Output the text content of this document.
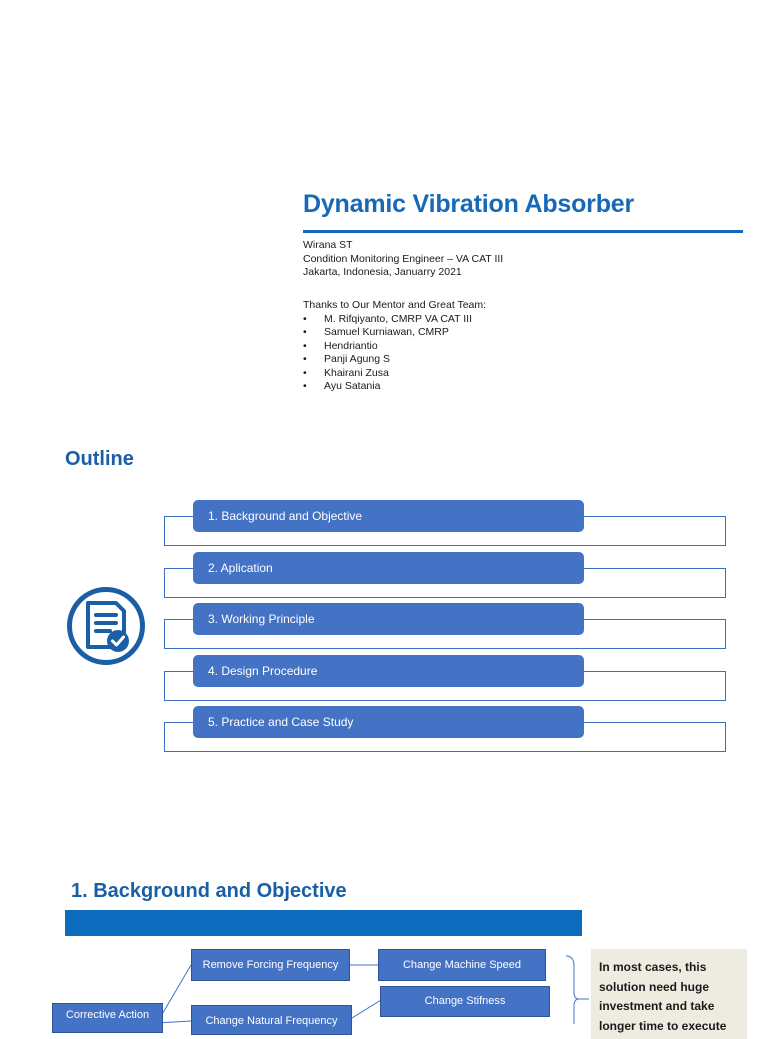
Dynamic Vibration Absorber
Wirana ST
Condition Monitoring Engineer – VA CAT III
Jakarta, Indonesia, Januarry 2021
Thanks to Our Mentor and Great Team:
• M. Rifqiyanto, CMRP VA CAT III
• Samuel Kurniawan, CMRP
• Hendriantio
• Panji Agung S
• Khairani Zusa
• Ayu Satania
Outline
1. Background and Objective
2. Aplication
3. Working Principle
4. Design Procedure
5. Practice and Case Study
1. Background and Objective
Remove Forcing Frequency	Change Machine Speed
Change Stifness
Corrective Action	Change Natural Frequency
In most cases, this solution need huge investment and take longer time to execute
